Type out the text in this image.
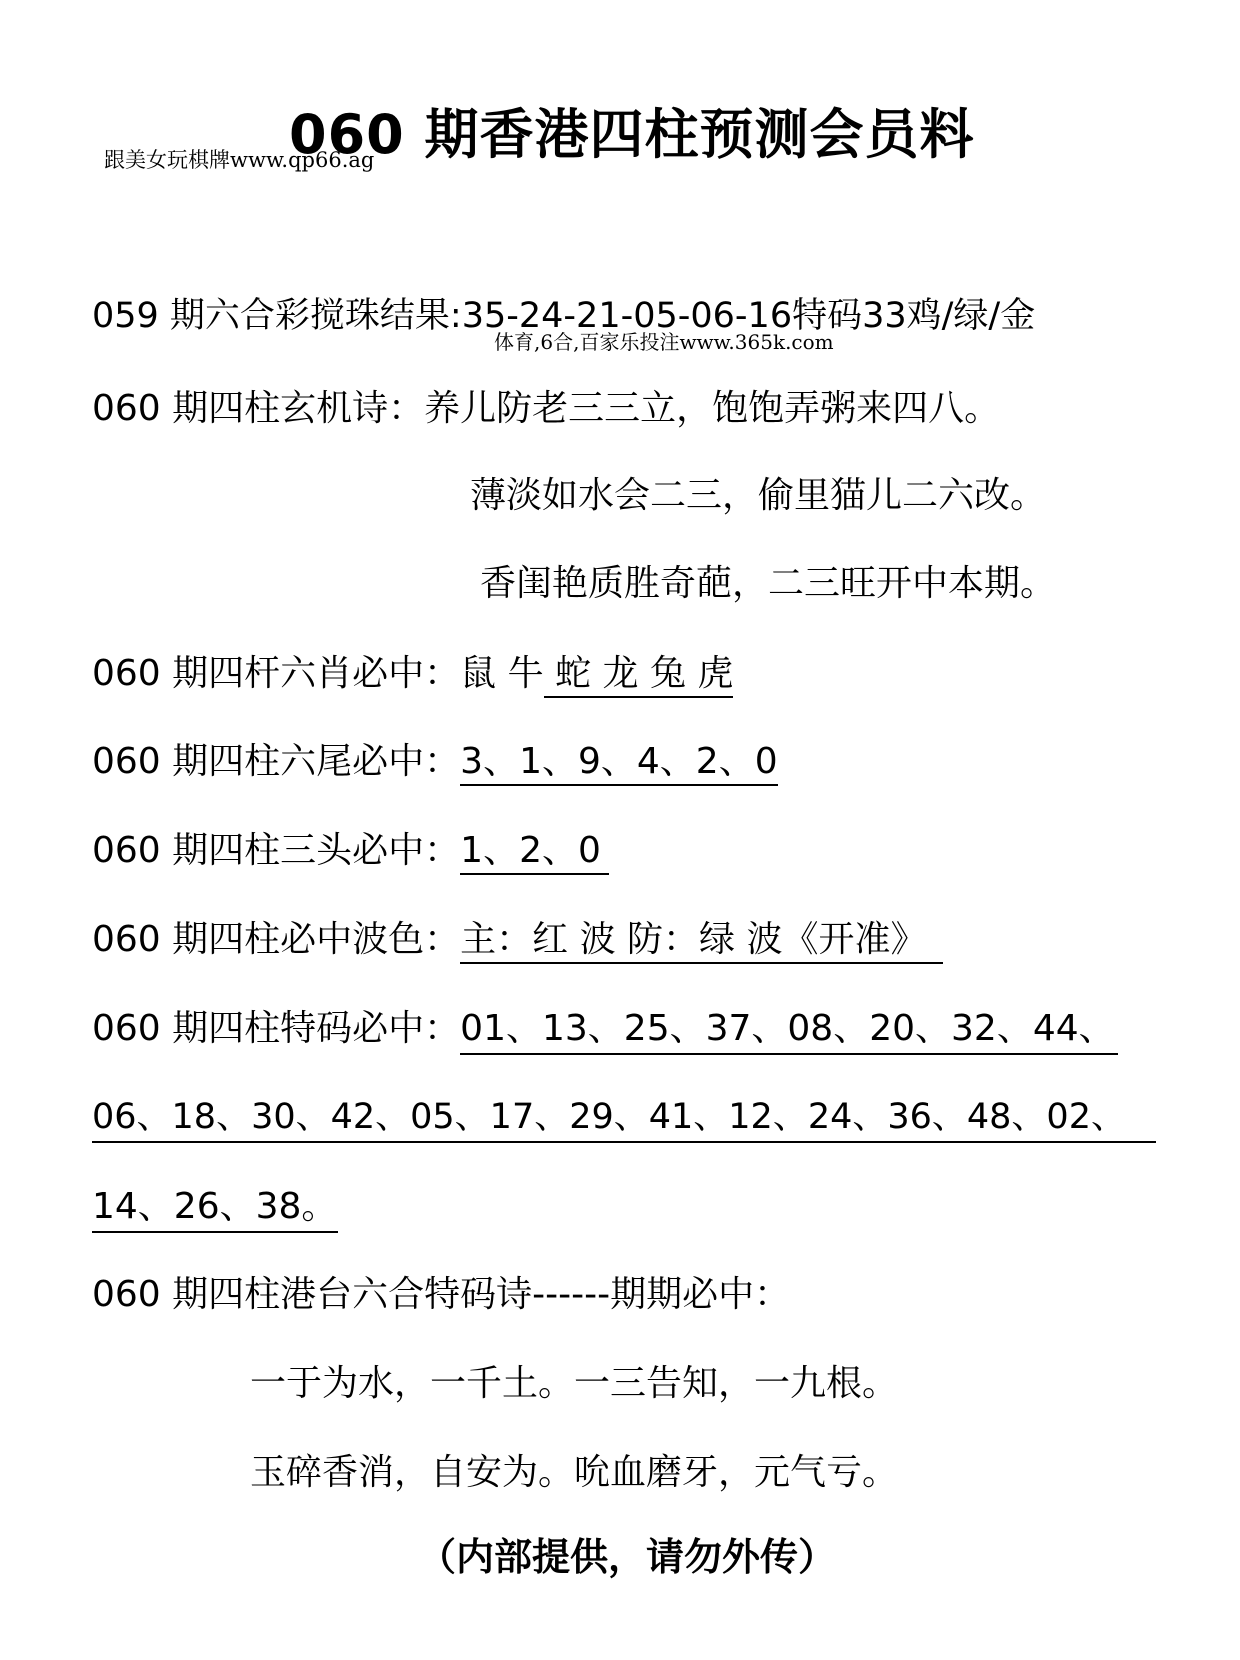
060 期香港四柱预测会员料
跟美女玩棋牌www.qp66.ag
059 期六合彩搅珠结果:35-24-21-05-06-16特码33鸡/绿/金
体育,6合,百家乐投注www.365k.com
060 期四柱玄机诗：养儿防老三三立，饱饱弄粥来四八。
薄淡如水会二三，偷里猫儿二六改。
香闺艳质胜奇葩，二三旺开中本期。
060 期四杆六肖必中：鼠 牛 蛇 龙 兔 虎
060 期四柱六尾必中：3、1、9、4、2、0
060 期四柱三头必中：1、2、0
060 期四柱必中波色：主：红 波 防：绿 波《开准》
060 期四柱特码必中：01、13、25、37、08、20、32、44、
06、18、30、42、05、17、29、41、12、24、36、48、02、
14、26、38。
060 期四柱港台六合特码诗------期期必中：
一于为水，一千土。一三告知，一九根。
玉碎香消，自安为。吮血磨牙，元气亏。
（内部提供，请勿外传）
